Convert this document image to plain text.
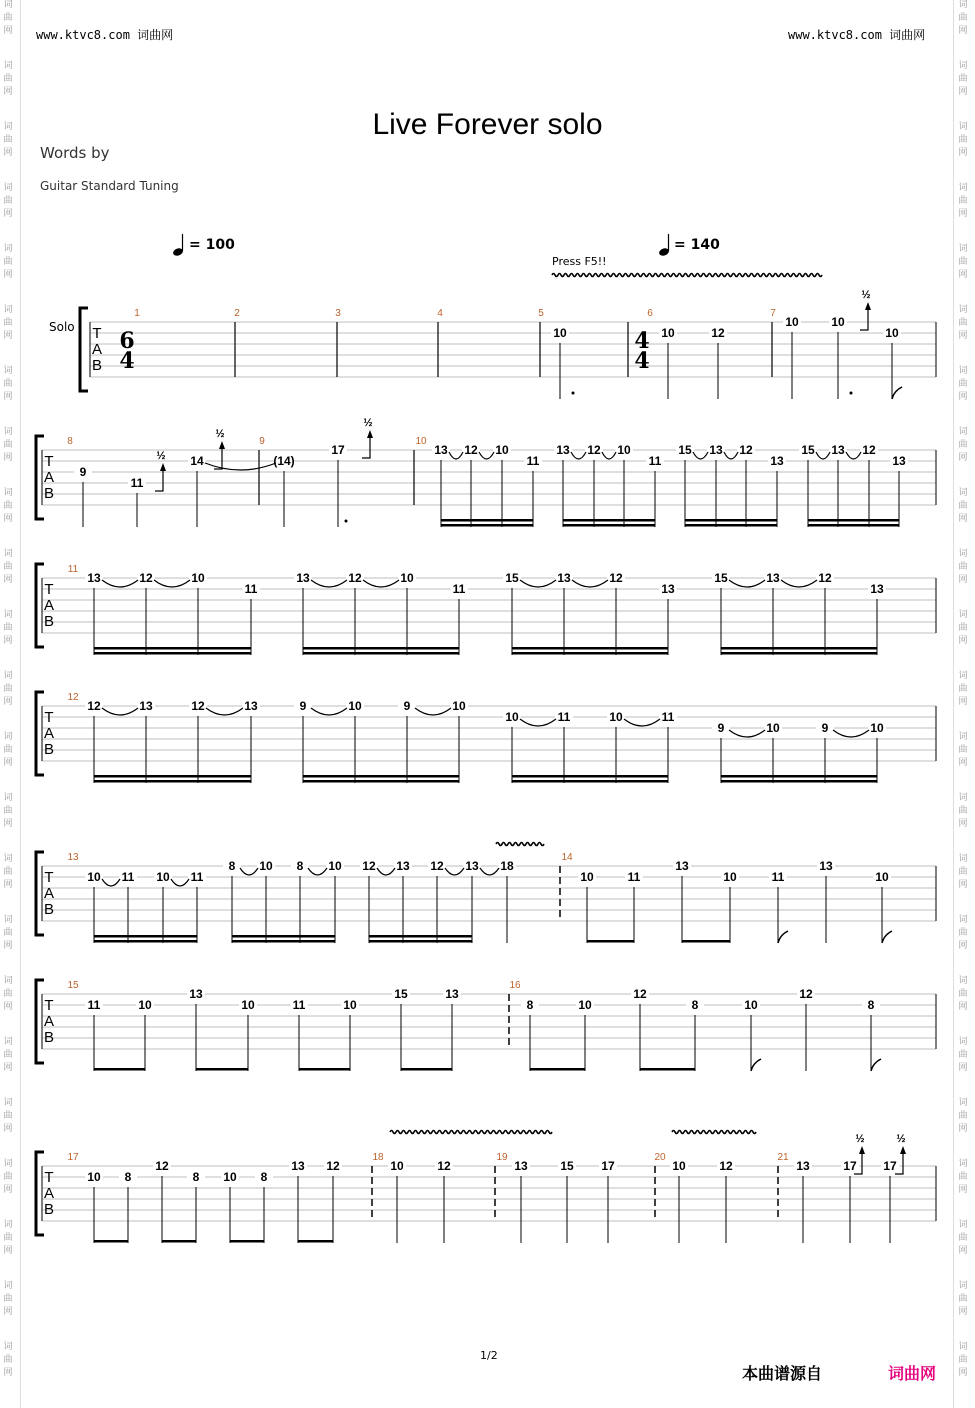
词
曲
网
词
曲
网
词
曲
网
词
曲
网
词
曲
网
词
曲
网
词
曲
网
词
曲
网
词
曲
网
词
曲
网
词
曲
网
词
曲
网
词
曲
网
词
曲
网
词
曲
网
词
曲
网
词
曲
网
词
曲
网
词
曲
网
词
曲
网
词
曲
网
词
曲
网
词
曲
网
词
曲
网
词
曲
网
词
曲
网
词
曲
网
词
曲
网
词
曲
网
词
曲
网
词
曲
网
词
曲
网
词
曲
网
词
曲
网
词
曲
网
词
曲
网
词
曲
网
词
曲
网
词
曲
网
词
曲
网
词
曲
网
词
曲
网
词
曲
网
词
曲
网
词
曲
网
词
曲
网
www.ktvc8.com 词曲网	www.ktvc8.com 词曲网
Live Forever solo
Words by
Guitar Standard Tuning
= 100	= 140
Press F5!!
Solo T
A
B
6
4
4
4
1	2	3	4	5	6	7
10	10	12
10	10
10
½
T
A
B
8	9	10
9
11
14	(14)
17	13 12 10
11
13 12 10
11
15 13 12
13
15 13 12
13
½
½
½
T
A
B
11
13	12	10
11
13	12	10
11
15	13	12
13
15	13	12
13
T
A
B
12
12	13	12	13	9	10	9	10
10	11	10	11
9	10	9	10
T
A
B
13	14
10 11 10 11
8 10 8 10 12 13 12 13 18
10	11
13
10	11
13
10
T
A
B
15	16
11	10
13
10	11	10
15	13
8	10
12
8	10
12
8
T
A
B
17	18	19	20	21
10 8
12
8 10 8
13 12	10	12	13	15 17	10	12	13	17 17
½	½
1/2
本曲谱源自	词曲网
